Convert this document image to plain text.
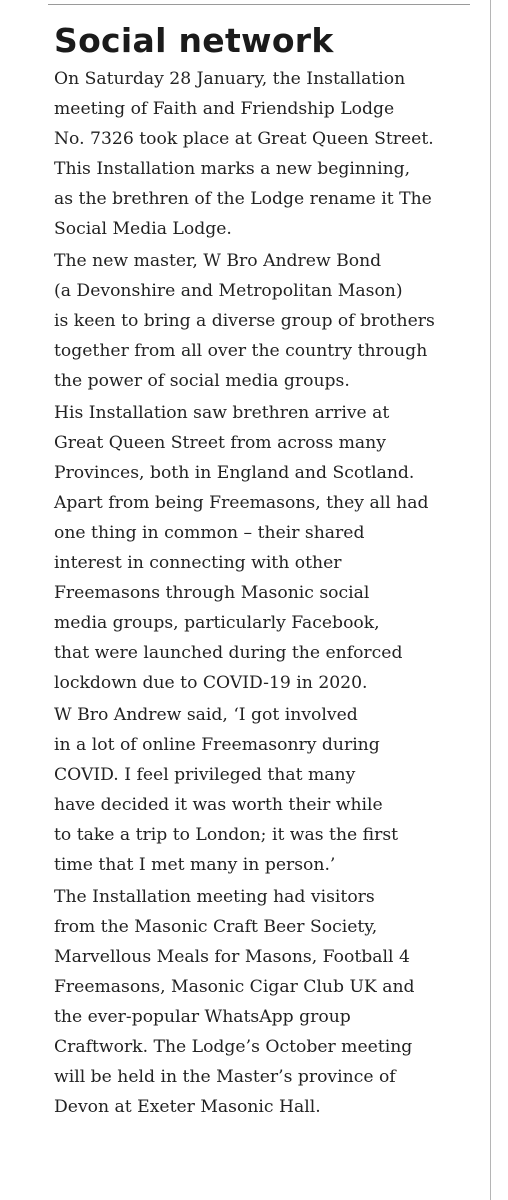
Social network

On Saturday 28 January, the Installation
meeting of Faith and Friendship Lodge
No. 7326 took place at Great Queen Street.
This Installation marks a new beginning,
as the brethren of the Lodge rename it The
Social Media Lodge.

The new master, W Bro Andrew Bond
(a Devonshire and Metropolitan Mason)
is keen to bring a diverse group of brothers
together from all over the country through
the power of social media groups.

His Installation saw brethren arrive at
Great Queen Street from across many
Provinces, both in England and Scotland.
Apart from being Freemasons, they all had
one thing in common – their shared
interest in connecting with other
Freemasons through Masonic social
media groups, particularly Facebook,
that were launched during the enforced
lockdown due to COVID-19 in 2020.

W Bro Andrew said, ‘I got involved
in a lot of online Freemasonry during
COVID. I feel privileged that many
have decided it was worth their while
to take a trip to London; it was the first
time that I met many in person.’

The Installation meeting had visitors
from the Masonic Craft Beer Society,
Marvellous Meals for Masons, Football 4
Freemasons, Masonic Cigar Club UK and
the ever-popular WhatsApp group
Craftwork. The Lodge’s October meeting
will be held in the Master’s province of
Devon at Exeter Masonic Hall.
